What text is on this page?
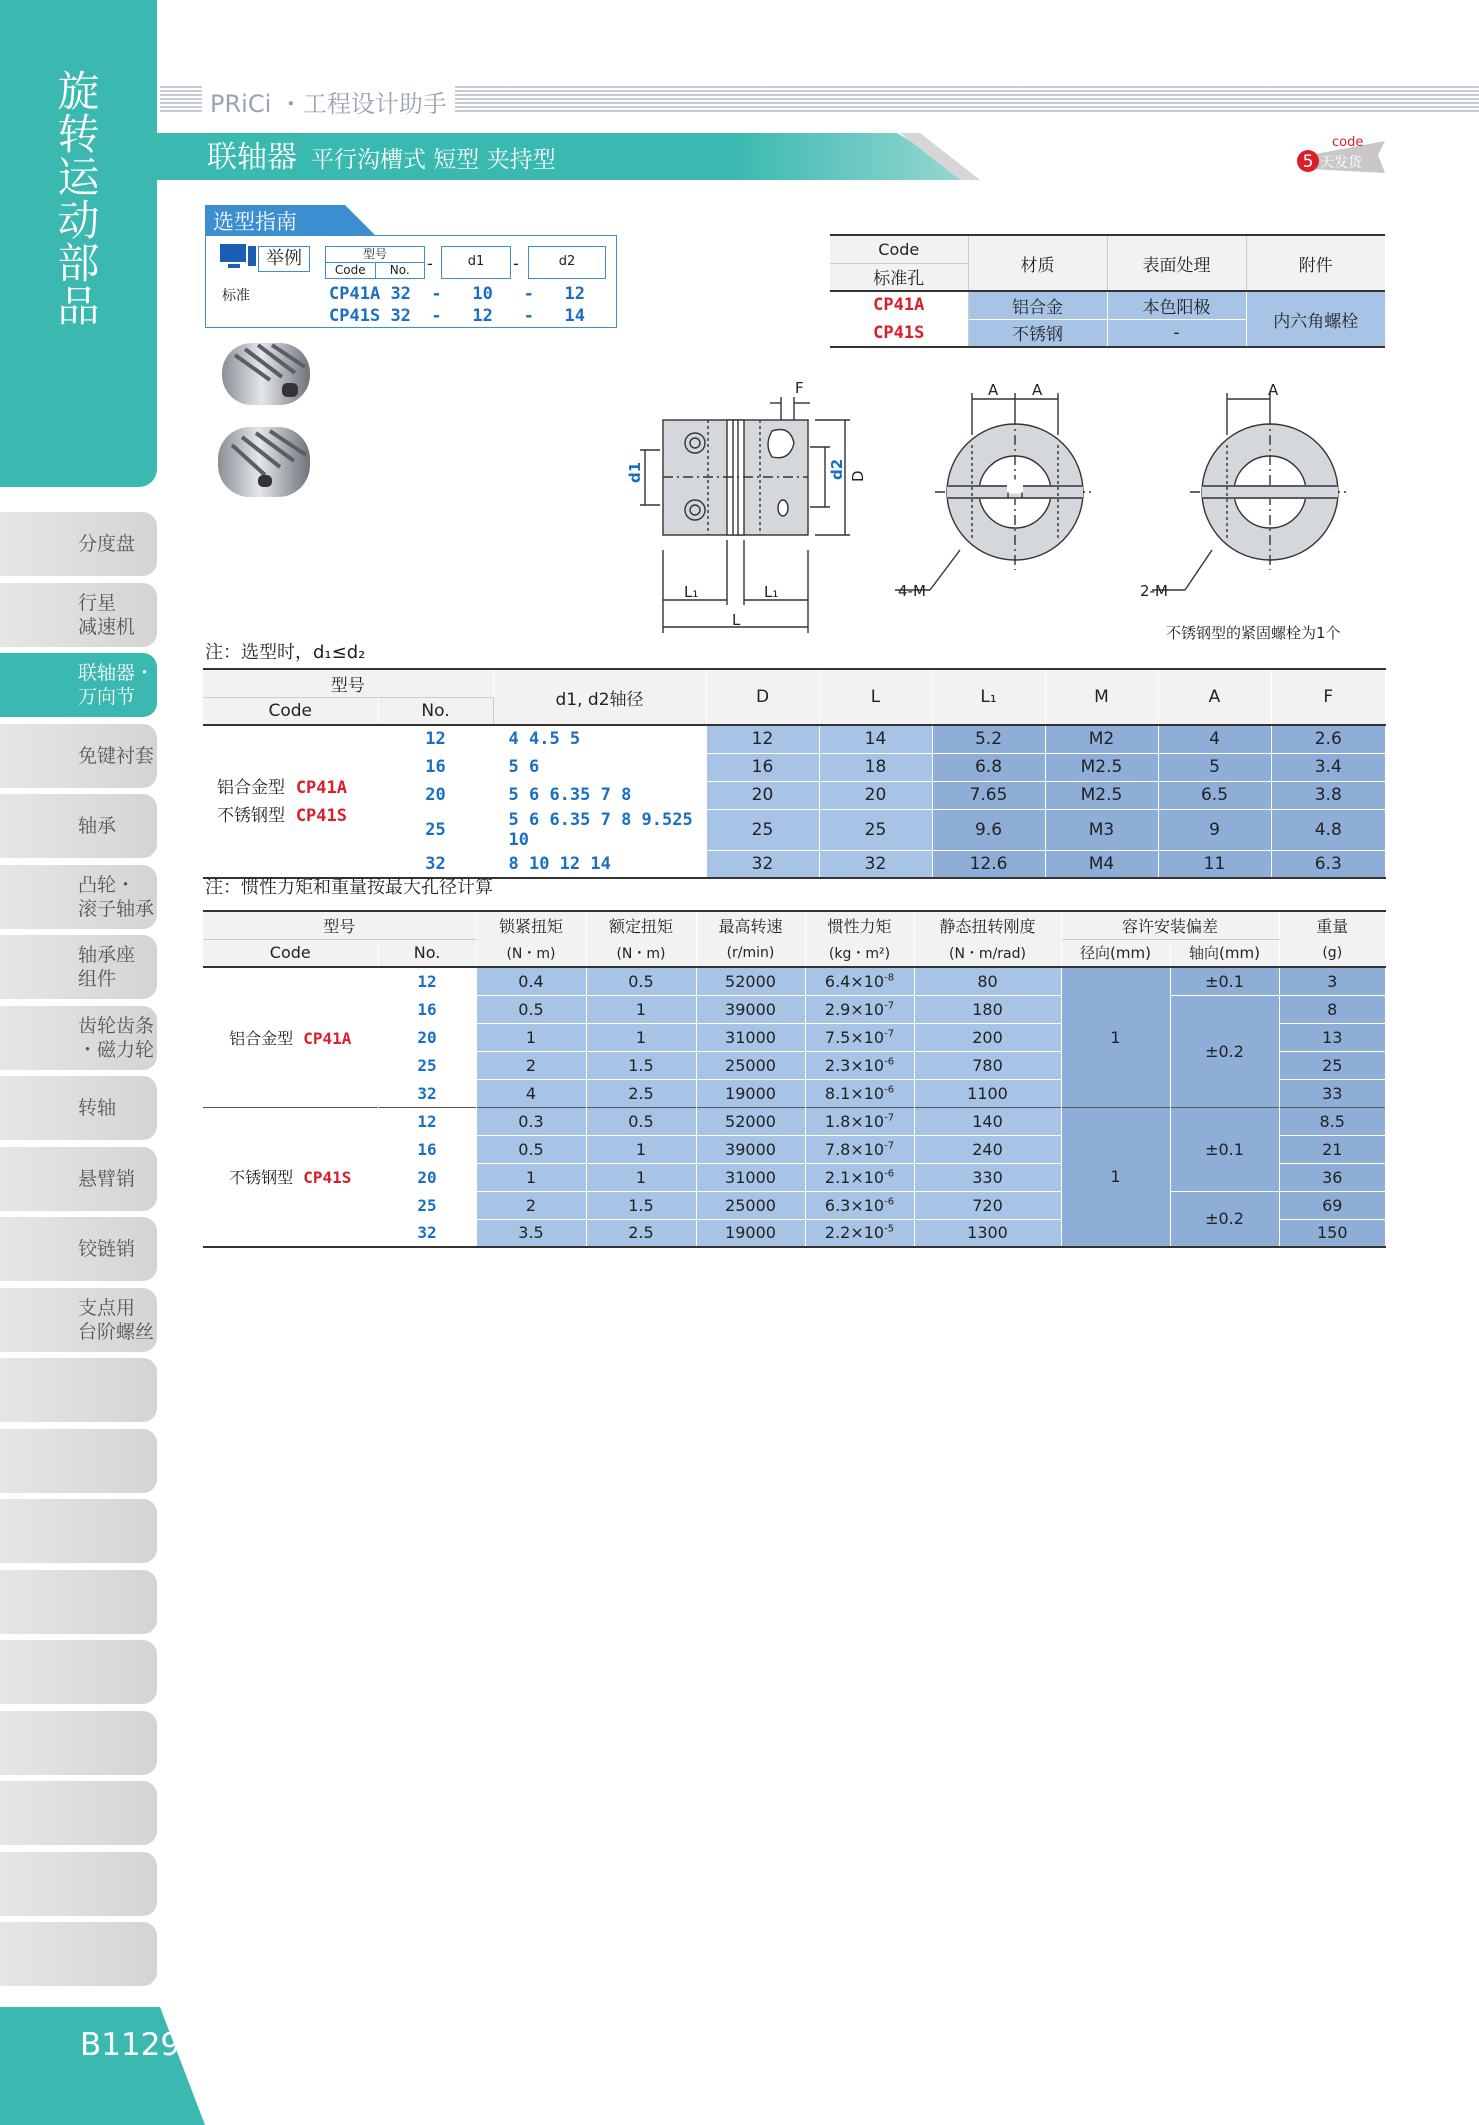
旋
转
运
动
部
品
分度盘
行星
减速机
联轴器・
万向节
免键衬套
轴承
凸轮・
滚子轴承
轴承座
组件
齿轮齿条
・磁力轮
转轴
悬臂销
铰链销
支点用
台阶螺丝
B1129
PRiCi ・工程设计助手
联轴器 平行沟槽式 短型 夹持型	5
code
天发货
选型指南
举例	型号
Code	No.	-	d1	-	d2
标准	CP41A 32 - 10 - 12
CP41S 32 - 12 - 14
Code	材质	表面处理	附件
标准孔			
CP41A	铝合金	本色阳极	内六角螺栓
CP41S	不锈钢	-	
F
d1	d2 D
L₁	L₁
L
A A	A
4-M	2-M
不锈钢型的紧固螺栓为1个
注：选型时，d₁≤d₂
型号		d1, d2轴径	D	L	L₁	M	A	F
Code	No.							

铝合金型 CP41A
不锈钢型 CP41S	12	4 4.5 5	12	14	5.2	M2	4	2.6
	16	5 6	16	18	6.8	M2.5	5	3.4
	20	5 6 6.35 7 8	20	20	7.65	M2.5	6.5	3.8
	25	5 6 6.35 7 8 9.525 10	25	25	9.6	M3	9	4.8
	32	8 10 12 14	32	32	12.6	M4	11	6.3
注：惯性力矩和重量按最大孔径计算
型号		锁紧扭矩	额定扭矩	最高转速	惯性力矩	静态扭转刚度	容许安装偏差		重量
Code	No.	(N・m)	(N・m)	(r/min)	(kg・m²)	(N・m/rad)	径向(mm)	轴向(mm)	(g)
铝合金型 CP41A	12	0.4	0.5	52000	$6.4\times 10^{-8}$	80	1	±0.1	3
	16	0.5	1	39000	$2.9\times 10^{-7}$	180		±0.2	8
	20	1	1	31000	$7.5\times 10^{-7}$	200			13
	25	2	1.5	25000	$2.3\times 10^{-6}$	780			25
	32	4	2.5	19000	$8.1\times 10^{-6}$	1100			33
不锈钢型 CP41S	12	0.3	0.5	52000	$1.8\times 10^{-7}$	140	1	±0.1	8.5
	16	0.5	1	39000	$7.8\times 10^{-7}$	240			21
	20	1	1	31000	$2.1\times 10^{-6}$	330			36
	25	2	1.5	25000	$6.3\times 10^{-6}$	720		±0.2	69
	32	3.5	2.5	19000	$2.2\times 10^{-5}$	1300			150
